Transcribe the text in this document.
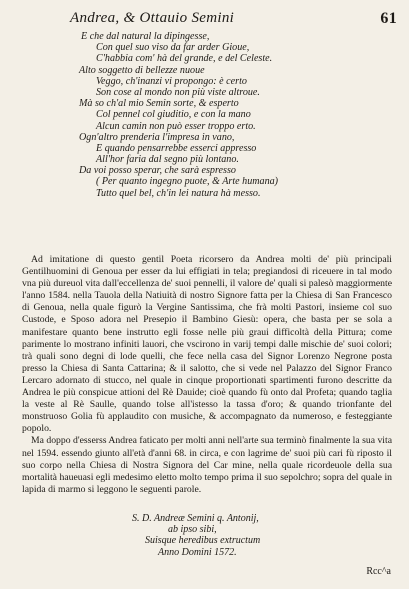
Andrea, & Ottauio Semini	61
E che dal natural la dipingesse,
Con quel suo viso da far arder Gioue,
C'habbia com' hà del grande, e del Celeste.
Alto soggetto di bellezze nuoue
Veggo, ch'inanzi vi propongo: è certo
Son cose al mondo non più viste altroue.
Mà so ch'al mio Semin sorte, & esperto
Col pennel col giuditio, e con la mano
Alcun camin non può esser troppo erto.
Ogn'altro prenderia l'impresa in vano,
E quando pensarrebbe esserci appresso
All'hor faria dal segno più lontano.
Da voi posso sperar, che sarà espresso
( Per quanto ingegno puote, & Arte humana)
Tutto quel bel, ch'in lei natura hà messo.

Ad imitatione di questo gentil Poeta ricorsero da Andrea molti de' più principali Gentilhuomini di Genoua per esser da lui effigiati in tela; pregiandosi di riceuere in tal modo vna più dureuol vita dall'eccellenza de' suoi pennelli, il valore de' quali si palesò maggiormente l'anno 1584. nella Tauola della Natiuità di nostro Signore fatta per la Chiesa di San Francesco di Genoua, nella quale figurò la Vergine Santissima, che frà molti Pastori, insieme col suo Custode, e Sposo adora nel Presepio il Bambino Giesù: opera, che basta per se sola a manifestare quanto bene instrutto egli fosse nelle più graui difficoltà della Pittura; come parimente lo mostrano infiniti lauori, che vscirono in varij tempi dalle mischie de' suoi colori; trà quali sono degni di lode quelli, che fece nella casa del Signor Lorenzo Negrone posta presso la Chiesa di Santa Cattarina; & il salotto, che si vede nel Palazzo del Signor Franco Lercaro adornato di stucco, nel quale in cinque proportionati spartimenti furono descritte da Andrea le più conspicue attioni del Rè Dauide; cioè quando fù onto dal Profeta; quando taglia la veste al Rè Saulle, quando tolse all'istesso la tassa d'oro; & quando trionfante del monstruoso Golia fù applaudito con musiche, & accompagnato da numeroso, e festeggiante popolo.

Ma doppo d'esserss Andrea faticato per molti anni nell'arte sua terminò finalmente la sua vita nel 1594. essendo giunto all'età d'anni 68. in circa, e con lagrime de' suoi più cari fù riposto il suo corpo nella Chiesa di Nostra Signora del Car mine, nella quale ricordeuole della sua mortalità haueuasi egli medesimo eletto molto tempo prima il suo sepolchro; sopra del quale in lapida di marmo si leggono le seguenti parole.

S. D. Andreæ Semini q. Antonij,
ab ipso sibi,
Suisque heredibus extructum
Anno Domini 1572.
Rcc^a
